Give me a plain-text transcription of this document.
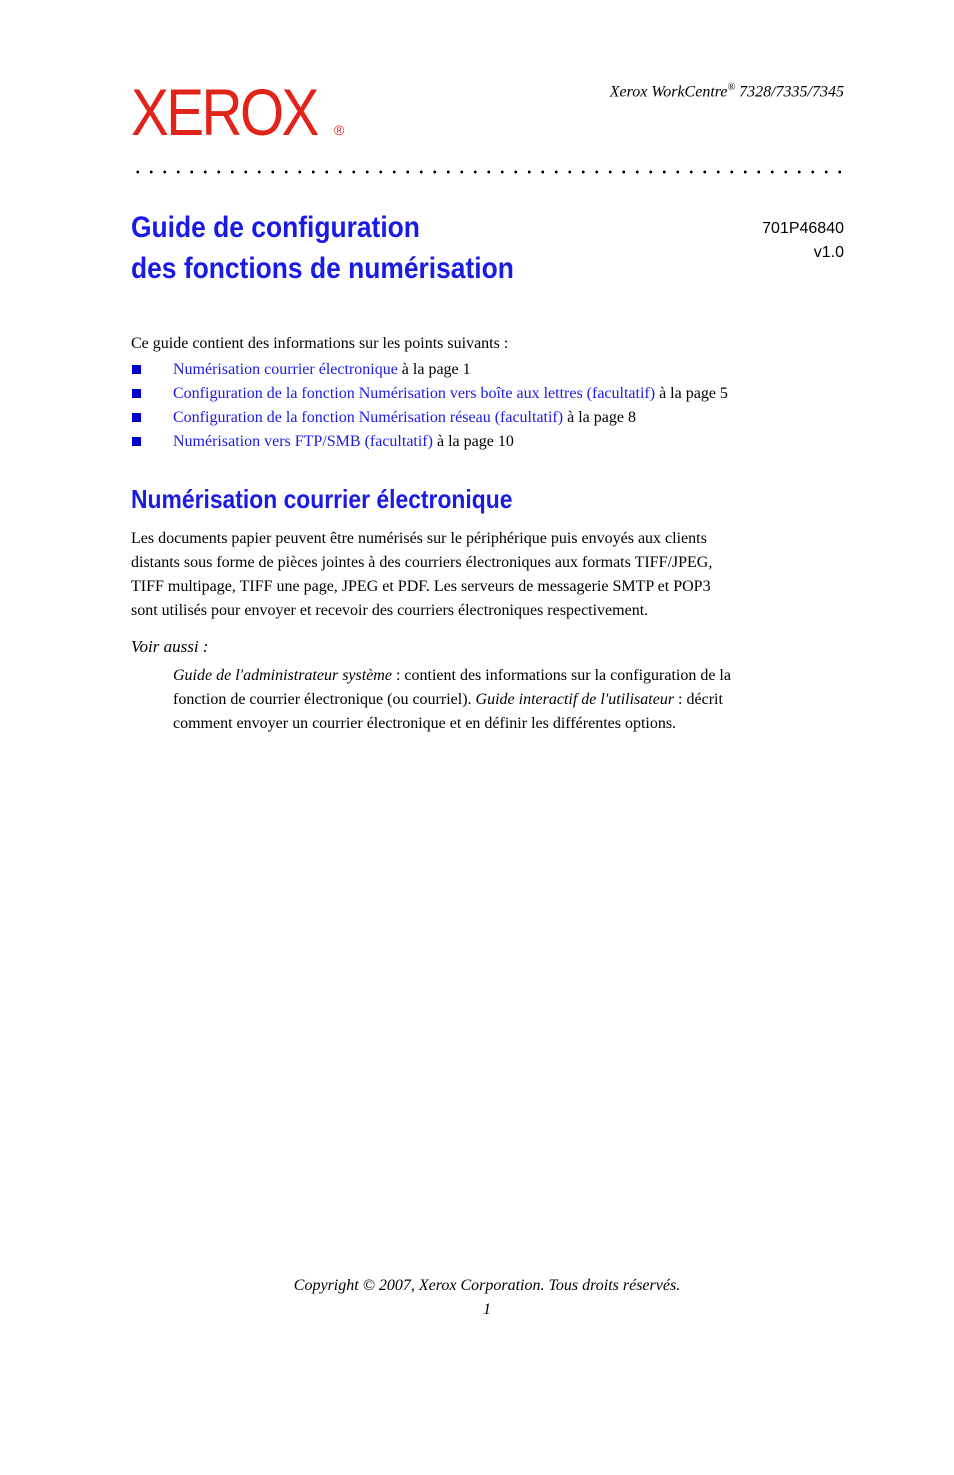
XEROX ®
Xerox WorkCentre® 7328/7335/7345
Guide de configuration
des fonctions de numérisation
701P46840
v1.0
Ce guide contient des informations sur les points suivants :
Numérisation courrier électronique à la page 1
Configuration de la fonction Numérisation vers boîte aux lettres (facultatif) à la page 5
Configuration de la fonction Numérisation réseau (facultatif) à la page 8
Numérisation vers FTP/SMB (facultatif) à la page 10
Numérisation courrier électronique
Les documents papier peuvent être numérisés sur le périphérique puis envoyés aux clients
distants sous forme de pièces jointes à des courriers électroniques aux formats TIFF/JPEG,
TIFF multipage, TIFF une page, JPEG et PDF. Les serveurs de messagerie SMTP et POP3
sont utilisés pour envoyer et recevoir des courriers électroniques respectivement.
Voir aussi :
Guide de l'administrateur système : contient des informations sur la configuration de la
fonction de courrier électronique (ou courriel). Guide interactif de l'utilisateur : décrit
comment envoyer un courrier électronique et en définir les différentes options.
Copyright © 2007, Xerox Corporation. Tous droits réservés.
1
